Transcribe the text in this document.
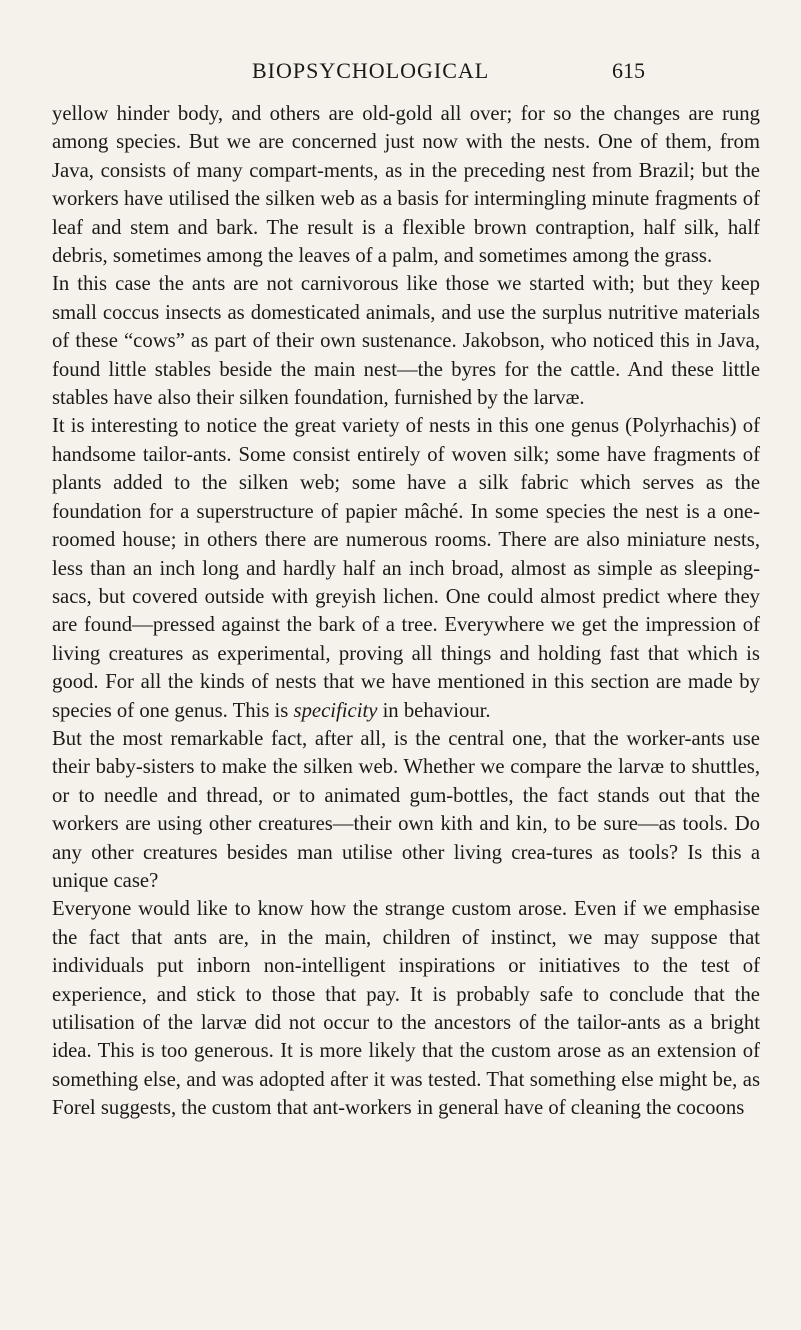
BIOPSYCHOLOGICAL	615

yellow hinder body, and others are old-gold all over; for so the changes are rung among species. But we are concerned just now with the nests. One of them, from Java, consists of many compart-ments, as in the preceding nest from Brazil; but the workers have utilised the silken web as a basis for intermingling minute fragments of leaf and stem and bark. The result is a flexible brown contraption, half silk, half debris, sometimes among the leaves of a palm, and sometimes among the grass.

In this case the ants are not carnivorous like those we started with; but they keep small coccus insects as domesticated animals, and use the surplus nutritive materials of these “cows” as part of their own sustenance. Jakobson, who noticed this in Java, found little stables beside the main nest—the byres for the cattle. And these little stables have also their silken foundation, furnished by the larvæ.

It is interesting to notice the great variety of nests in this one genus (Polyrhachis) of handsome tailor-ants. Some consist entirely of woven silk; some have fragments of plants added to the silken web; some have a silk fabric which serves as the foundation for a superstructure of papier mâché. In some species the nest is a one-roomed house; in others there are numerous rooms. There are also miniature nests, less than an inch long and hardly half an inch broad, almost as simple as sleeping-sacs, but covered outside with greyish lichen. One could almost predict where they are found—pressed against the bark of a tree. Everywhere we get the impression of living creatures as experimental, proving all things and holding fast that which is good. For all the kinds of nests that we have mentioned in this section are made by species of one genus. This is specificity in behaviour.

But the most remarkable fact, after all, is the central one, that the worker-ants use their baby-sisters to make the silken web. Whether we compare the larvæ to shuttles, or to needle and thread, or to animated gum-bottles, the fact stands out that the workers are using other creatures—their own kith and kin, to be sure—as tools. Do any other creatures besides man utilise other living crea-tures as tools? Is this a unique case?

Everyone would like to know how the strange custom arose. Even if we emphasise the fact that ants are, in the main, children of instinct, we may suppose that individuals put inborn non-intelligent inspirations or initiatives to the test of experience, and stick to those that pay. It is probably safe to conclude that the utilisation of the larvæ did not occur to the ancestors of the tailor-ants as a bright idea. This is too generous. It is more likely that the custom arose as an extension of something else, and was adopted after it was tested. That something else might be, as Forel suggests, the custom that ant-workers in general have of cleaning the cocoons
